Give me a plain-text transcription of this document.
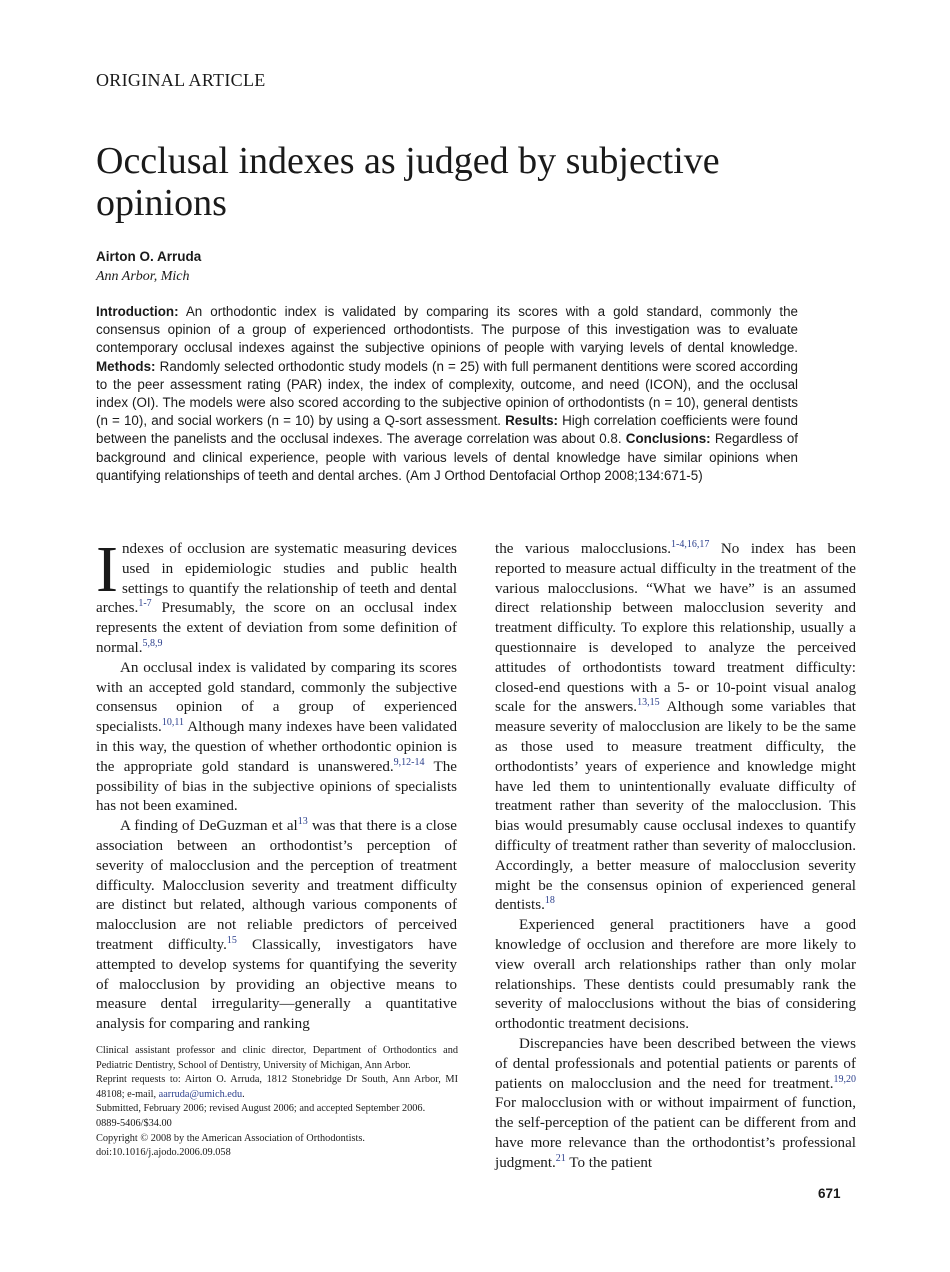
ORIGINAL ARTICLE
Occlusal indexes as judged by subjective opinions
Airton O. Arruda
Ann Arbor, Mich

Introduction: An orthodontic index is validated by comparing its scores with a gold standard, commonly the consensus opinion of a group of experienced orthodontists. The purpose of this investigation was to evaluate contemporary occlusal indexes against the subjective opinions of people with varying levels of dental knowledge. Methods: Randomly selected orthodontic study models (n = 25) with full permanent dentitions were scored according to the peer assessment rating (PAR) index, the index of complexity, outcome, and need (ICON), and the occlusal index (OI). The models were also scored according to the subjective opinion of orthodontists (n = 10), general dentists (n = 10), and social workers (n = 10) by using a Q-sort assessment. Results: High correlation coefficients were found between the panelists and the occlusal indexes. The average correlation was about 0.8. Conclusions: Regardless of background and clinical experience, people with various levels of dental knowledge have similar opinions when quantifying relationships of teeth and dental arches. (Am J Orthod Dentofacial Orthop 2008;134:671-5)

Indexes of occlusion are systematic measuring devices used in epidemiologic studies and public health settings to quantify the relationship of teeth and dental arches.$^{1-7}$ Presumably, the score on an occlusal index represents the extent of deviation from some definition of normal.$^{5,8,9}$

An occlusal index is validated by comparing its scores with an accepted gold standard, commonly the subjective consensus opinion of a group of experienced specialists.$^{10,11}$ Although many indexes have been validated in this way, the question of whether orthodontic opinion is the appropriate gold standard is unanswered.$^{9,12-14}$ The possibility of bias in the subjective opinions of specialists has not been examined.

A finding of DeGuzman et al$^{13}$ was that there is a close association between an orthodontist’s perception of severity of malocclusion and the perception of treatment difficulty. Malocclusion severity and treatment difficulty are distinct but related, although various components of malocclusion are not reliable predictors of perceived treatment difficulty.$^{15}$ Classically, investigators have attempted to develop systems for quantifying the severity of malocclusion by providing an objective means to measure dental irregularity—generally a quantitative analysis for comparing and ranking

the various malocclusions.$^{1-4,16,17}$ No index has been reported to measure actual difficulty in the treatment of the various malocclusions. “What we have” is an assumed direct relationship between malocclusion severity and treatment difficulty. To explore this relationship, usually a questionnaire is developed to analyze the perceived attitudes of orthodontists toward treatment difficulty: closed-end questions with a 5- or 10-point visual analog scale for the answers.$^{13,15}$ Although some variables that measure severity of malocclusion are likely to be the same as those used to measure treatment difficulty, the orthodontists’ years of experience and knowledge might have led them to unintentionally evaluate difficulty of treatment rather than severity of the malocclusion. This bias would presumably cause occlusal indexes to quantify difficulty of treatment rather than severity of malocclusion. Accordingly, a better measure of malocclusion severity might be the consensus opinion of experienced general dentists.$^{18}$

Experienced general practitioners have a good knowledge of occlusion and therefore are more likely to view overall arch relationships rather than only molar relationships. These dentists could presumably rank the severity of malocclusions without the bias of considering orthodontic treatment decisions.

Discrepancies have been described between the views of dental professionals and potential patients or parents of patients on malocclusion and the need for treatment.$^{19,20}$ For malocclusion with or without impairment of function, the self-perception of the patient can be different from and have more relevance than the orthodontist’s professional judgment.$^{21}$ To the patient

Clinical assistant professor and clinic director, Department of Orthodontics and Pediatric Dentistry, School of Dentistry, University of Michigan, Ann Arbor.
Reprint requests to: Airton O. Arruda, 1812 Stonebridge Dr South, Ann Arbor, MI 48108; e-mail, aarruda@umich.edu.
Submitted, February 2006; revised August 2006; and accepted September 2006.
0889-5406/$34.00
Copyright © 2008 by the American Association of Orthodontists.
doi:10.1016/j.ajodo.2006.09.058
671
